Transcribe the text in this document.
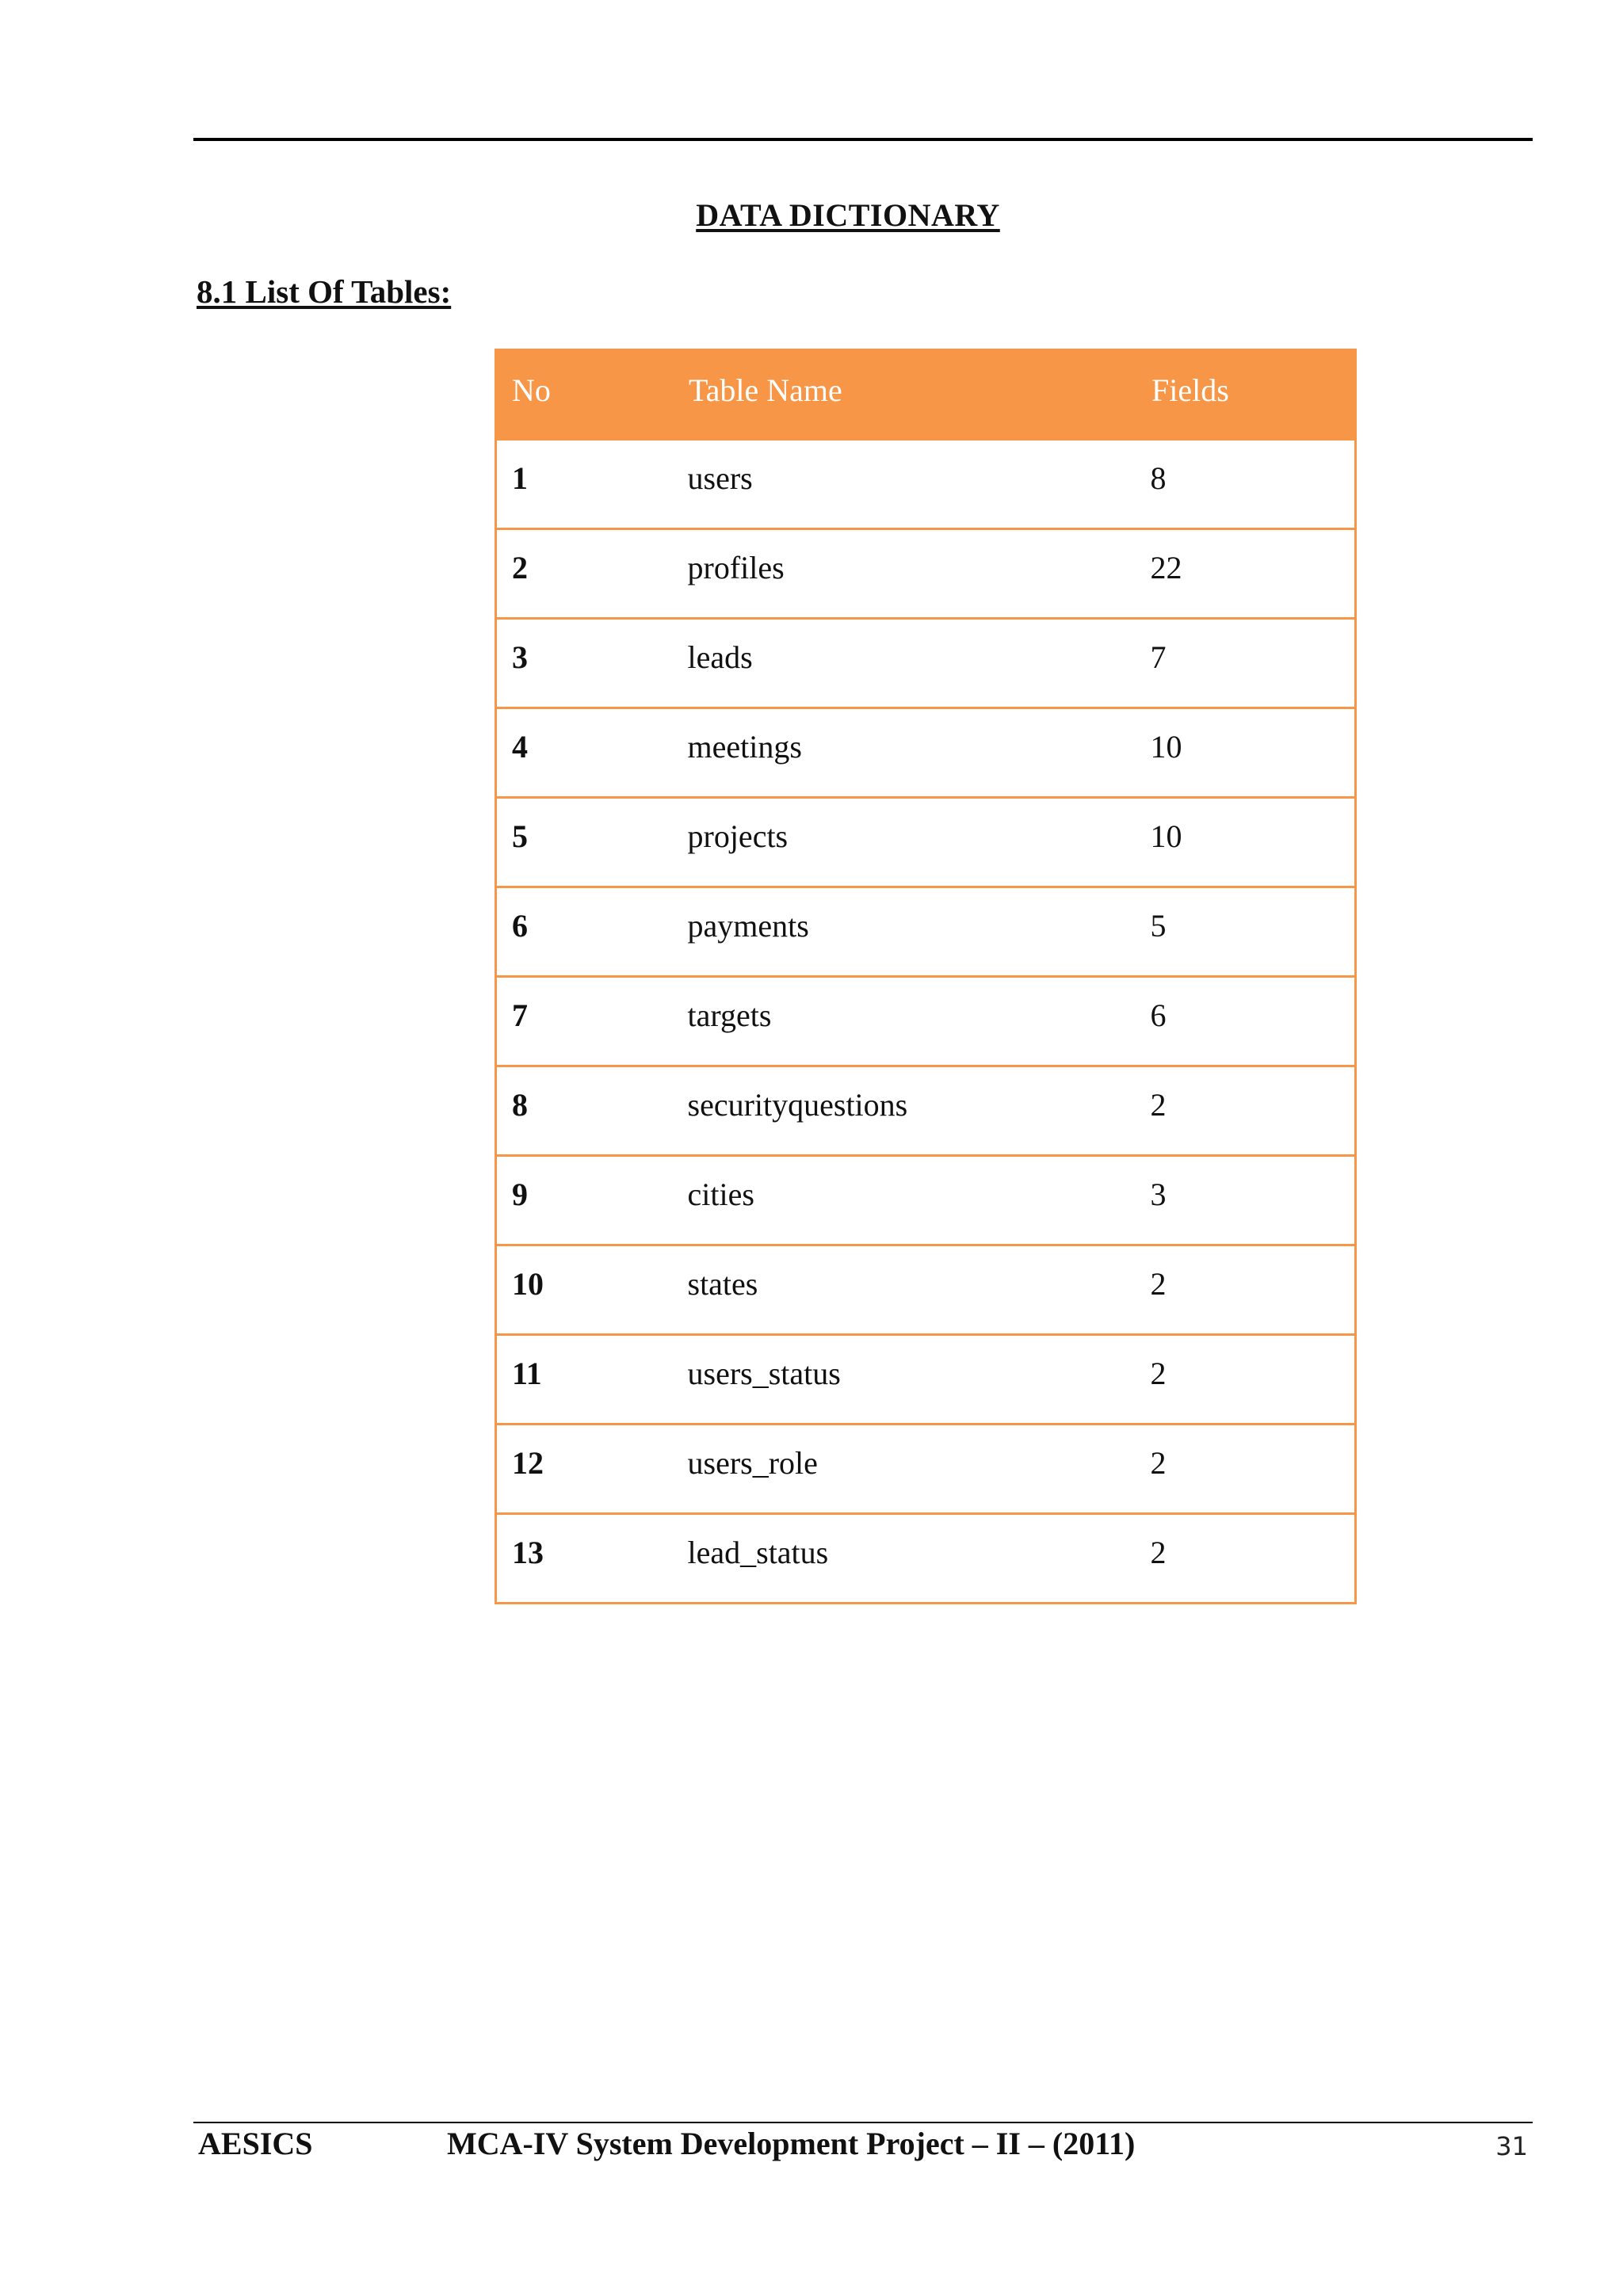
DATA DICTIONARY
8.1 List Of Tables:
No	Table Name	Fields
1	users	8
2	profiles	22
3	leads	7
4	meetings	10
5	projects	10
6	payments	5
7	targets	6
8	securityquestions	2
9	cities	3
10	states	2
11	users_status	2
12	users_role	2
13	lead_status	2
AESICS	MCA-IV System Development Project – II – (2011)	31
